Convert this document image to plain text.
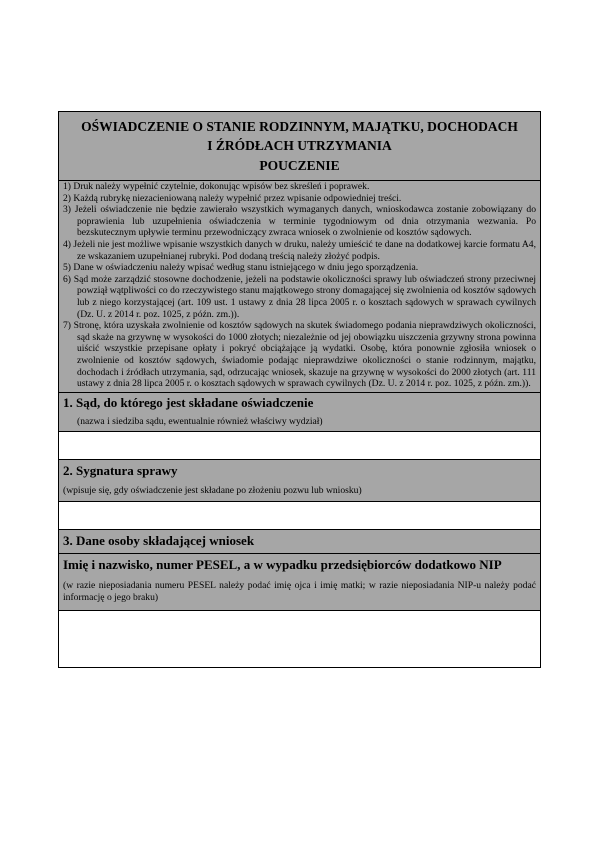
OŚWIADCZENIE O STANIE RODZINNYM, MAJĄTKU, DOCHODACH
I ŹRÓDŁACH UTRZYMANIA
POUCZENIE
1) Druk należy wypełnić czytelnie, dokonując wpisów bez skreśleń i poprawek.
2) Każdą rubrykę niezacieniowaną należy wypełnić przez wpisanie odpowiedniej treści.
3) Jeżeli oświadczenie nie będzie zawierało wszystkich wymaganych danych, wnioskodawca zostanie zobowiązany do poprawienia lub uzupełnienia oświadczenia w terminie tygodniowym od dnia otrzymania wezwania. Po bezskutecznym upływie terminu przewodniczący zwraca wniosek o zwolnienie od kosztów sądowych.
4) Jeżeli nie jest możliwe wpisanie wszystkich danych w druku, należy umieścić te dane na dodatkowej karcie formatu A4, ze wskazaniem uzupełnianej rubryki. Pod dodaną treścią należy złożyć podpis.
5) Dane w oświadczeniu należy wpisać według stanu istniejącego w dniu jego sporządzenia.
6) Sąd może zarządzić stosowne dochodzenie, jeżeli na podstawie okoliczności sprawy lub oświadczeń strony przeciwnej powziął wątpliwości co do rzeczywistego stanu majątkowego strony domagającej się zwolnienia od kosztów sądowych lub z niego korzystającej (art. 109 ust. 1 ustawy z dnia 28 lipca 2005 r. o kosztach sądowych w sprawach cywilnych (Dz. U. z 2014 r. poz. 1025, z późn. zm.)).
7) Stronę, która uzyskała zwolnienie od kosztów sądowych na skutek świadomego podania nieprawdziwych okoliczności, sąd skaże na grzywnę w wysokości do 1000 złotych; niezależnie od jej obowiązku uiszczenia grzywny strona powinna uiścić wszystkie przepisane opłaty i pokryć obciążające ją wydatki. Osobę, która ponownie zgłosiła wniosek o zwolnienie od kosztów sądowych, świadomie podając nieprawdziwe okoliczności o stanie rodzinnym, majątku, dochodach i źródłach utrzymania, sąd, odrzucając wniosek, skazuje na grzywnę w wysokości do 2000 złotych (art. 111 ustawy z dnia 28 lipca 2005 r. o kosztach sądowych w sprawach cywilnych (Dz. U. z 2014 r. poz. 1025, z późn. zm.)).
1. Sąd, do którego jest składane oświadczenie
(nazwa i siedziba sądu, ewentualnie również właściwy wydział)
2. Sygnatura sprawy
(wpisuje się, gdy oświadczenie jest składane po złożeniu pozwu lub wniosku)
3. Dane osoby składającej wniosek
Imię i nazwisko, numer PESEL, a w wypadku przedsiębiorców dodatkowo NIP
(w razie nieposiadania numeru PESEL należy podać imię ojca i imię matki; w razie nieposiadania NIP-u należy podać informację o jego braku)
